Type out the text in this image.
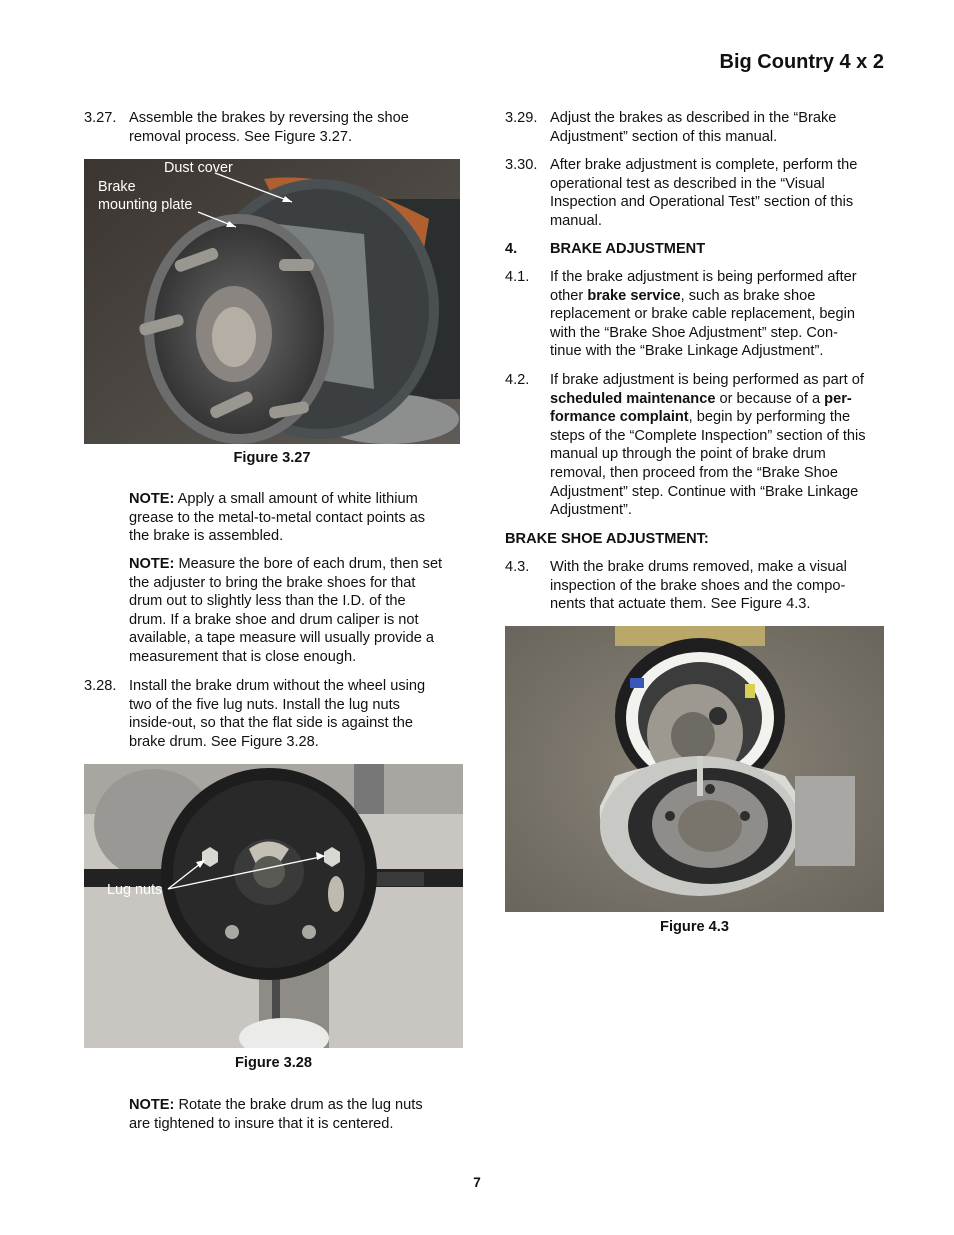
Big Country 4 x 2
3.27. Assemble the brakes by reversing the shoe
removal process. See Figure 3.27.
Dust cover
Brake
mounting plate
Figure 3.27
NOTE: Apply a small amount of white lithium
grease to the metal-to-metal contact points as
the brake is assembled.
NOTE: Measure the bore of each drum, then set
the adjuster to bring the brake shoes for that
drum out to slightly less than the I.D. of the
drum. If a brake shoe and drum caliper is not
available, a tape measure will usually provide a
measurement that is close enough.
3.28. Install the brake drum without the wheel using
two of the five lug nuts. Install the lug nuts
inside-out, so that the flat side is against the
brake drum. See Figure 3.28.
Lug nuts
Figure 3.28
NOTE: Rotate the brake drum as the lug nuts
are tightened to insure that it is centered.
3.29. Adjust the brakes as described in the “Brake
Adjustment” section of this manual.
3.30. After brake adjustment is complete, perform the
operational test as described in the “Visual
Inspection and Operational Test” section of this
manual.
4. BRAKE ADJUSTMENT
4.1. If the brake adjustment is being performed after
other brake service, such as brake shoe
replacement or brake cable replacement, begin
with the “Brake Shoe Adjustment” step. Con-
tinue with the “Brake Linkage Adjustment”.
4.2. If brake adjustment is being performed as part of
scheduled maintenance or because of a per-
formance complaint, begin by performing the
steps of the “Complete Inspection” section of this
manual up through the point of brake drum
removal, then proceed from the “Brake Shoe
Adjustment” step. Continue with “Brake Linkage
Adjustment”.
BRAKE SHOE ADJUSTMENT:
4.3. With the brake drums removed, make a visual
inspection of the brake shoes and the compo-
nents that actuate them. See Figure 4.3.
Figure 4.3
7
